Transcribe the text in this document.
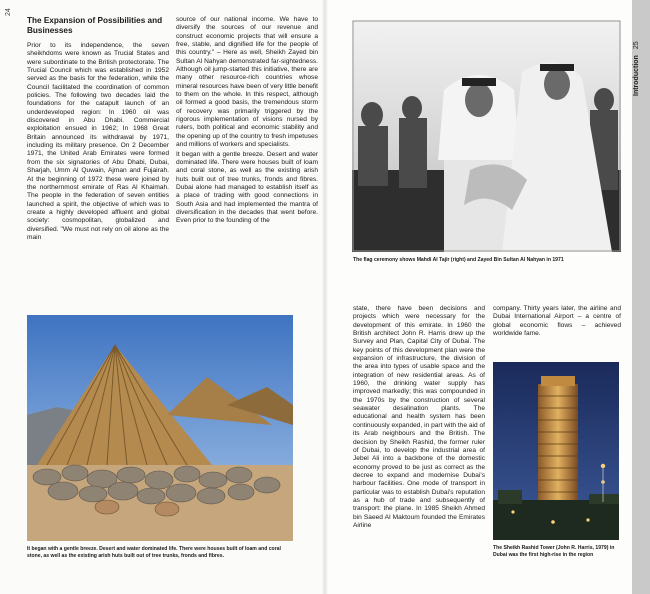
24
Introduction25

The Expansion of Possibilities and Businesses

Prior to its independence, the seven sheikhdoms were known as Trucial States and were subordinate to the British protectorate. The Trucial Council which was established in 1952 served as the basis for the federation, while the Council facilitated the coordination of common policies. The following two decades laid the foundations for the catapult launch of an underdeveloped region: In 1960 oil was discovered in Abu Dhabi. Commercial exploitation ensued in 1962; In 1968 Great Britain announced its withdrawal by 1971, including its military presence. On 2 December 1971, the United Arab Emirates were formed from the six signatories of Abu Dhabi, Dubai, Sharjah, Umm Al Quwain, Ajman and Fujairah. At the beginning of 1972 these were joined by the northernmost emirate of Ras Al Khaimah. The people in the federation of seven entities launched a spirit, the objective of which was to create a highly developed affluent and global society: cosmopolitan, globalized and diversified. "We must not rely on oil alone as the main

source of our national income. We have to diversify the sources of our revenue and construct economic projects that will ensure a free, stable, and dignified life for the people of this country." – Here as well, Sheikh Zayed bin Sultan Al Nahyan demonstrated far-sightedness. Although oil jump-started this initiative, there are many other resource-rich countries whose mineral resources have been of very little benefit to them on the whole. In this respect, although oil formed a good basis, the tremendous storm of recovery was primarily triggered by the rigorous implementation of visions nursed by rulers, both political and economic stability and the opening up of the country to fresh impetuses and millions of workers and specialists.

It began with a gentle breeze. Desert and water dominated life. There were houses built of loam and coral stone, as well as the existing arish huts built out of tree trunks, fronds and fibres. Dubai alone had managed to establish itself as a place of trading with good connections in South Asia and had implemented the mantra of diversification in the decades that went before. Even prior to the founding of the

state, there have been decisions and projects which were necessary for the development of this emirate. In 1960 the British architect John R. Harris drew up the Survey and Plan, Capital City of Dubai. The key points of this development plan were the expansion of infrastructure, the division of the area into types of usable space and the integration of new residential areas. As of 1960, the drinking water supply has improved markedly; this was compounded in the 1970s by the construction of several seawater desalination plants. The educational and health system has been continuously expanded, in part with the aid of its Arab neighbours and the British. The decision by Sheikh Rashid, the former ruler of Dubai, to develop the industrial area of Jebel Ali into a backbone of the domestic economy proved to be just as correct as the decree to expand and modernise Dubai's harbour facilities. One mode of transport in particular was to establish Dubai's reputation as a hub of trade and subsequently of transport: the plane. In 1985 Sheikh Ahmed bin Saeed Al Maktoum founded the Emirates Airline

company. Thirty years later, the airline and Dubai International Airport – a centre of global economic flows – achieved worldwide fame.

The flag ceremony shows Mahdi Al Tajir (right) and Zayed Bin Sultan Al Nahyan in 1971
It began with a gentle breeze. Desert and water dominated life. There were houses built of loam and coral stone, as well as the existing arish huts built out of tree trunks, fronds and fibres.
The Sheikh Rashid Tower (John R. Harris, 1979) in Dubai was the first high-rise in the region
